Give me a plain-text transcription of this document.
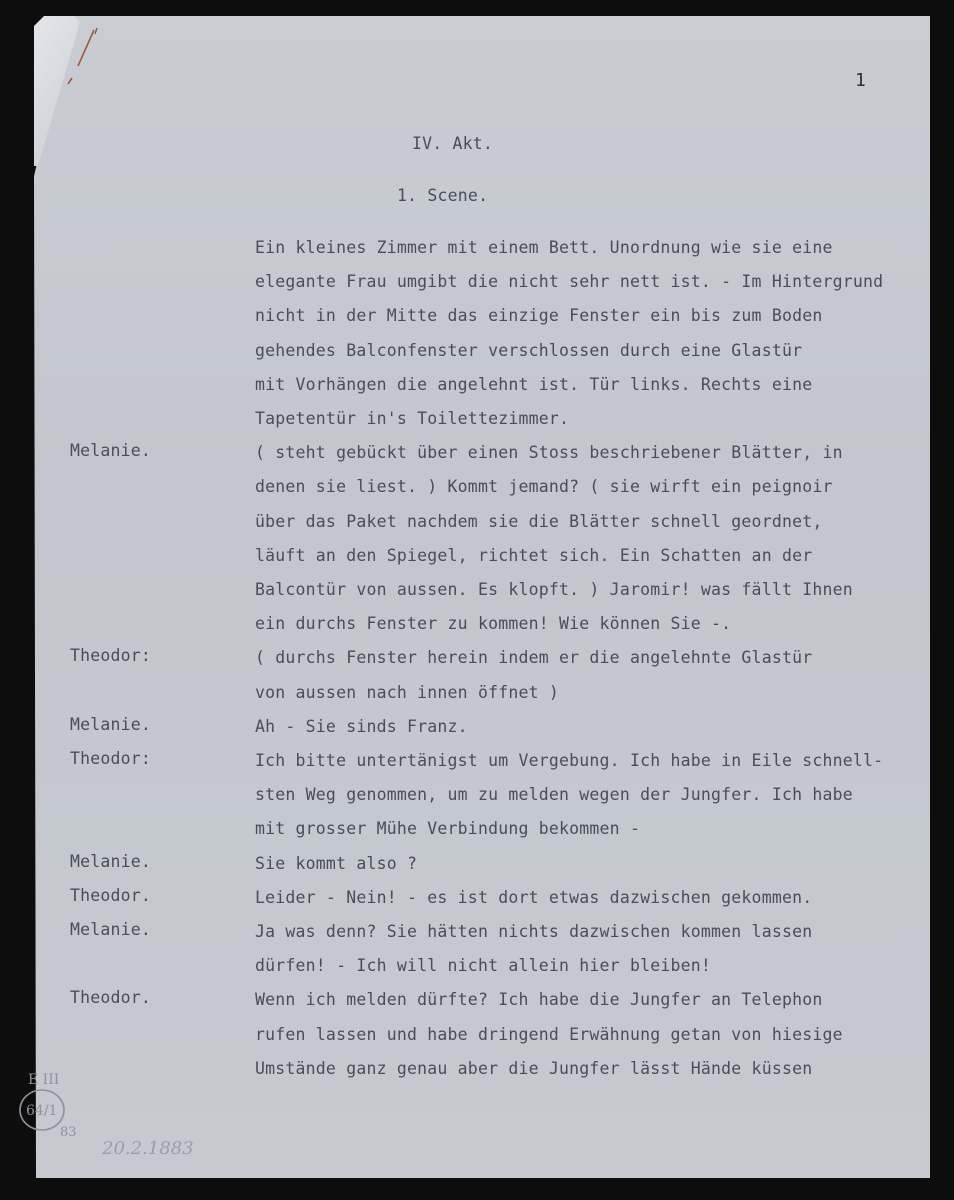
1
IV. Akt.
1. Scene.
Ein kleines Zimmer mit einem Bett. Unordnung wie sie eine
elegante Frau umgibt die nicht sehr nett ist. - Im Hintergrund
nicht in der Mitte das einzige Fenster ein bis zum Boden
gehendes Balconfenster verschlossen durch eine Glastür
mit Vorhängen die angelehnt ist. Tür links. Rechts eine
Tapetentür in's Toilettezimmer.
Melanie.	( steht gebückt über einen Stoss beschriebener Blätter, in
denen sie liest. ) Kommt jemand? ( sie wirft ein peignoir
über das Paket nachdem sie die Blätter schnell geordnet,
läuft an den Spiegel, richtet sich. Ein Schatten an der
Balcontür von aussen. Es klopft. ) Jaromir! was fällt Ihnen
ein durchs Fenster zu kommen! Wie können Sie -.
Theodor:	( durchs Fenster herein indem er die angelehnte Glastür
von aussen nach innen öffnet )
Melanie.	Ah - Sie sinds Franz.
Theodor:	Ich bitte untertänigst um Vergebung. Ich habe in Eile schnell-
sten Weg genommen, um zu melden wegen der Jungfer. Ich habe
mit grosser Mühe Verbindung bekommen -
Melanie.	Sie kommt also ?
Theodor.	Leider - Nein! - es ist dort etwas dazwischen gekommen.
Melanie.	Ja was denn? Sie hätten nichts dazwischen kommen lassen
dürfen! - Ich will nicht allein hier bleiben!
Theodor.	Wenn ich melden dürfte? Ich habe die Jungfer an Telephon
rufen lassen und habe dringend Erwähnung getan von hiesige
Umstände ganz genau aber die Jungfer lässt Hände küssen
E III
64/1
83
20.2.1883
